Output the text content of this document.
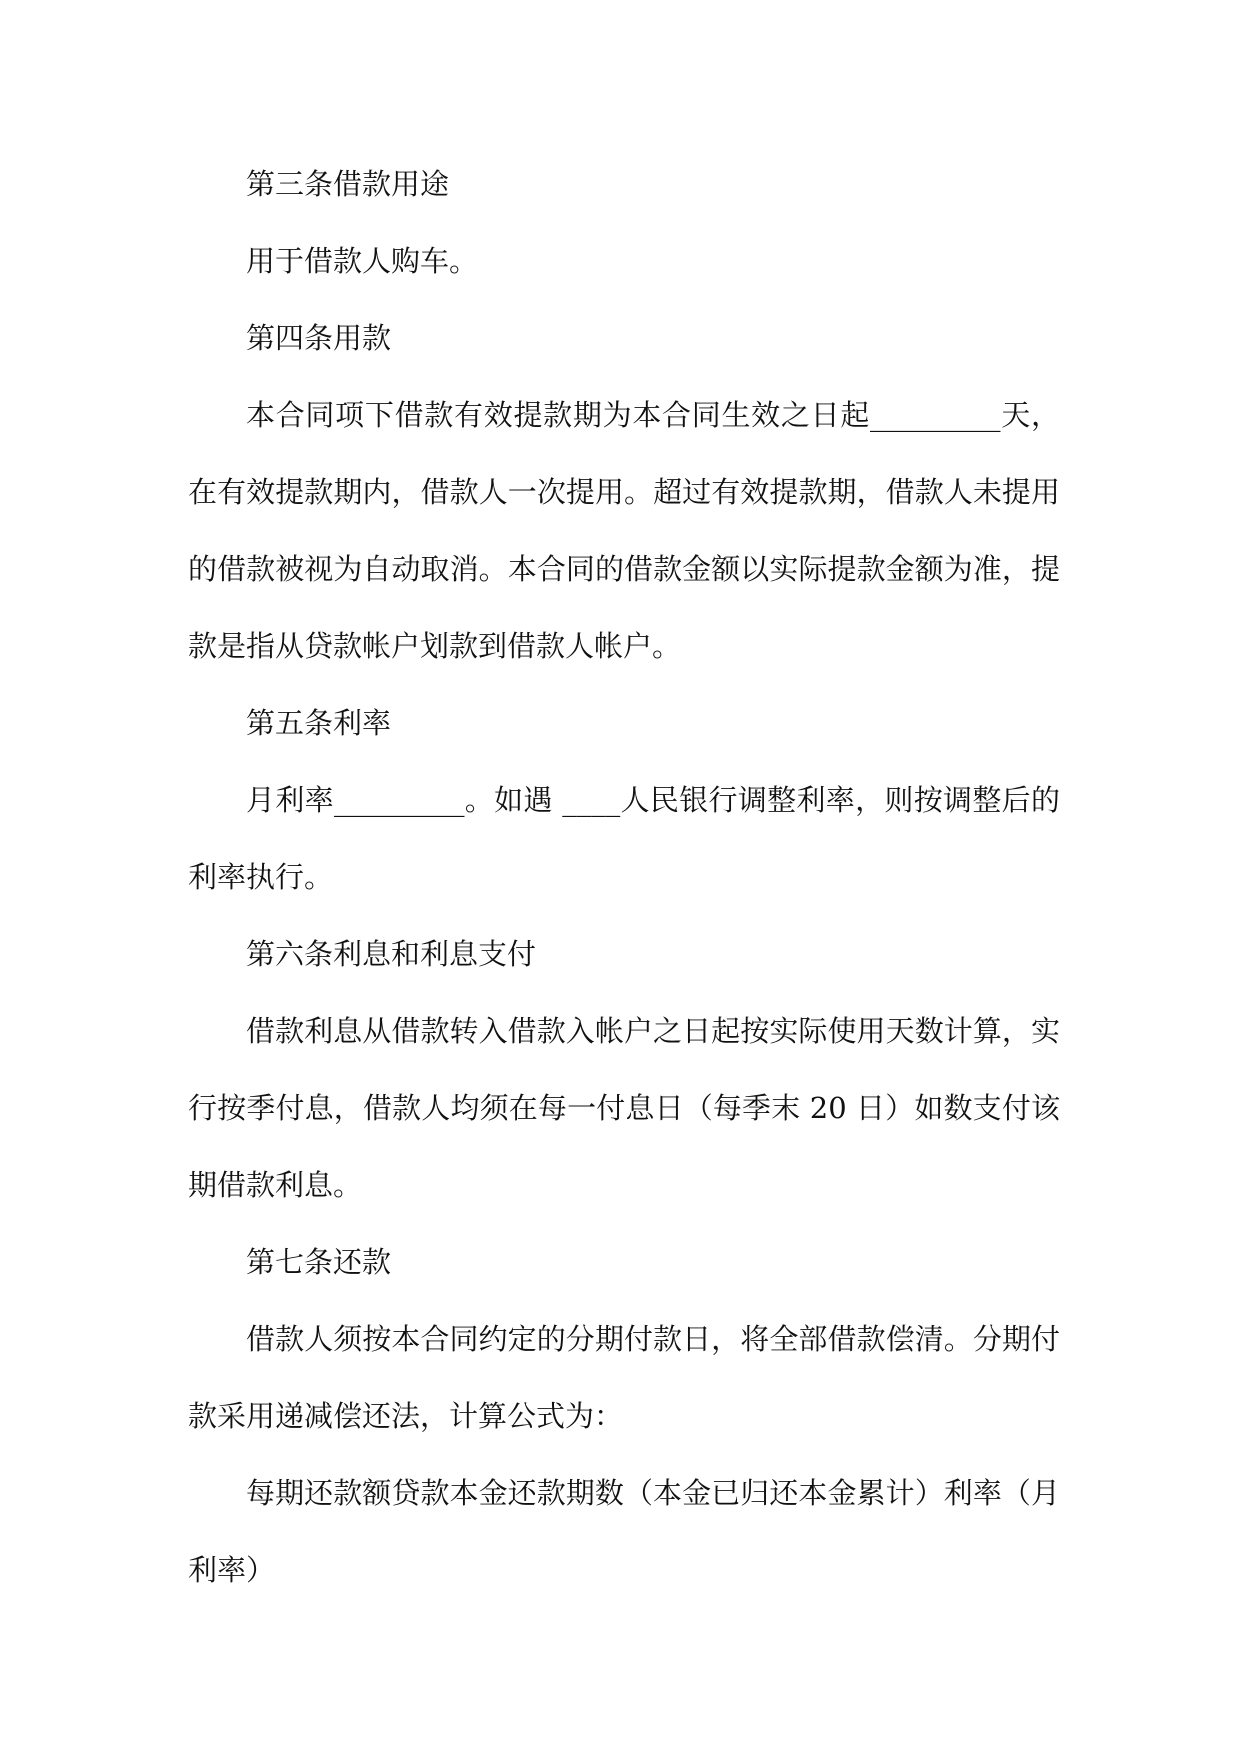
第三条借款用途

用于借款人购车。

第四条用款

本合同项下借款有效提款期为本合同生效之日起_________天，在有效提款期内，借款人一次提用。超过有效提款期，借款人未提用的借款被视为自动取消。本合同的借款金额以实际提款金额为准，提款是指从贷款帐户划款到借款人帐户。

第五条利率

月利率_________。如遇 ____人民银行调整利率，则按调整后的利率执行。

第六条利息和利息支付

借款利息从借款转入借款入帐户之日起按实际使用天数计算，实行按季付息，借款人均须在每一付息日（每季末 20 日）如数支付该期借款利息。

第七条还款

借款人须按本合同约定的分期付款日，将全部借款偿清。分期付款采用递减偿还法，计算公式为：

每期还款额贷款本金还款期数（本金已归还本金累计）利率（月利率）
